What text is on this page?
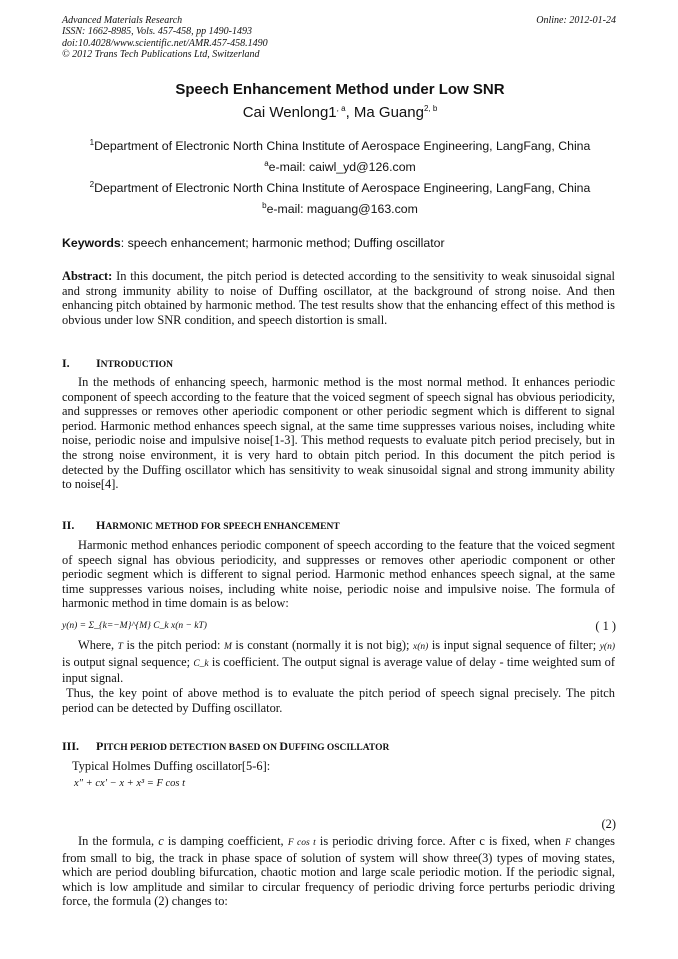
Advanced Materials Research
ISSN: 1662-8985, Vols. 457-458, pp 1490-1493
doi:10.4028/www.scientific.net/AMR.457-458.1490
© 2012 Trans Tech Publications Ltd, Switzerland
Online: 2012-01-24
Speech Enhancement Method under Low SNR
Cai $Wenlong1^{, a}$, Ma Guang$^{2, b}$
$^1$Department of Electronic North China Institute of Aerospace Engineering, LangFang, China
$^a$e-mail: caiwl_yd@126.com
$^2$Department of Electronic North China Institute of Aerospace Engineering, LangFang, China
$^b$e-mail: maguang@163.com
Keywords: speech enhancement; harmonic method; Duffing oscillator
Abstract: In this document, the pitch period is detected according to the sensitivity to weak sinusoidal signal and strong immunity ability to noise of Duffing oscillator, at the background of strong noise. And then enhancing pitch obtained by harmonic method. The test results show that the enhancing effect of this method is obvious under low SNR condition, and speech distortion is small.
I. INTRODUCTION
In the methods of enhancing speech, harmonic method is the most normal method. It enhances periodic component of speech according to the feature that the voiced segment of speech signal has obvious periodicity, and suppresses or removes other aperiodic component or other periodic segment which is different to signal period. Harmonic method enhances speech signal, at the same time suppresses various noises, including white noise, periodic noise and impulsive noise[1-3]. This method requests to evaluate pitch period precisely, but in the strong noise environment, it is very hard to obtain pitch period. In this document the pitch period is detected by the Duffing oscillator which has sensitivity to weak sinusoidal signal and strong immunity ability to noise[4].
II. HARMONIC METHOD FOR SPEECH ENHANCEMENT
Harmonic method enhances periodic component of speech according to the feature that the voiced segment of speech signal has obvious periodicity, and suppresses or removes other aperiodic component or other periodic segment which is different to signal period. Harmonic method enhances speech signal, at the same time suppresses various noises, including white noise, periodic noise and impulsive noise. The formula of harmonic method in time domain is as below:
y(n) = Σ_{k=−M}^{M} C_k x(n − kT)	( 1 )
Where, T is the pitch period: M is constant (normally it is not big); x(n) is input signal sequence of filter; y(n) is output signal sequence; C_k is coefficient. The output signal is average value of delay - time weighted sum of input signal.
Thus, the key point of above method is to evaluate the pitch period of speech signal precisely. The pitch period can be detected by Duffing oscillator.
III. PITCH PERIOD DETECTION BASED ON DUFFING OSCILLATOR
Typical Holmes Duffing oscillator[5-6]:
x″ + cx′ − x + x³ = F cos t
(2)
In the formula, c is damping coefficient, F cos t is periodic driving force. After c is fixed, when F changes from small to big, the track in phase space of solution of system will show three(3) types of moving states, which are period doubling bifurcation, chaotic motion and large scale periodic motion. If the periodic signal, which is low amplitude and similar to circular frequency of periodic driving force perturbs periodic driving force, the formula (2) changes to:
